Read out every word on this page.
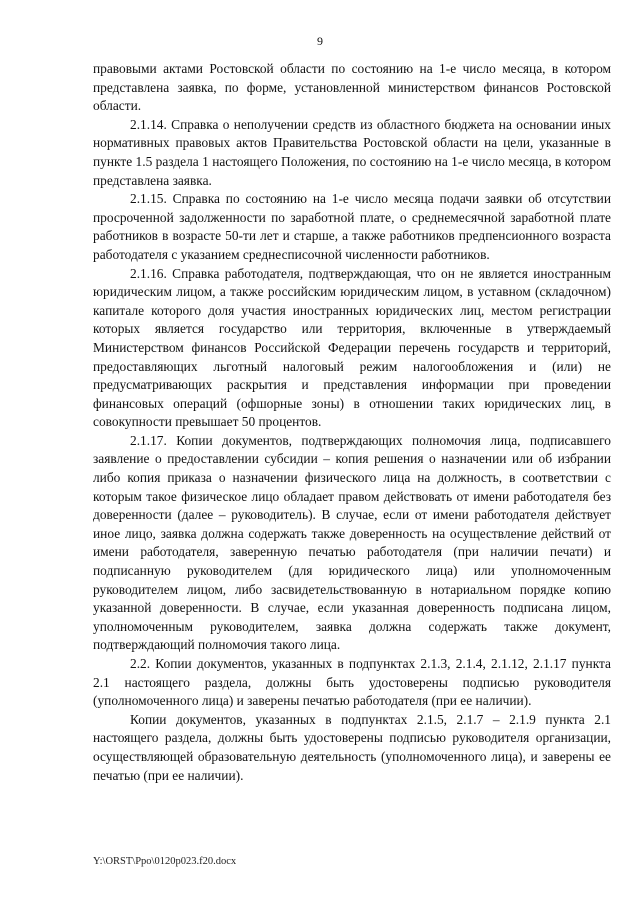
9

правовыми актами Ростовской области по состоянию на 1-е число месяца, в котором представлена заявка, по форме, установленной министерством финансов Ростовской области.

2.1.14. Справка о неполучении средств из областного бюджета на основании иных нормативных правовых актов Правительства Ростовской области на цели, указанные в пункте 1.5 раздела 1 настоящего Положения, по состоянию на 1-е число месяца, в котором представлена заявка.

2.1.15. Справка по состоянию на 1-е число месяца подачи заявки об отсутствии просроченной задолженности по заработной плате, о среднемесячной заработной плате работников в возрасте 50-ти лет и старше, а также работников предпенсионного возраста работодателя с указанием среднесписочной численности работников.

2.1.16. Справка работодателя, подтверждающая, что он не является иностранным юридическим лицом, а также российским юридическим лицом, в уставном (складочном) капитале которого доля участия иностранных юридических лиц, местом регистрации которых является государство или территория, включенные в утверждаемый Министерством финансов Российской Федерации перечень государств и территорий, предоставляющих льготный налоговый режим налогообложения и (или) не предусматривающих раскрытия и представления информации при проведении финансовых операций (офшорные зоны) в отношении таких юридических лиц, в совокупности превышает 50 процентов.

2.1.17. Копии документов, подтверждающих полномочия лица, подписавшего заявление о предоставлении субсидии – копия решения о назначении или об избрании либо копия приказа о назначении физического лица на должность, в соответствии с которым такое физическое лицо обладает правом действовать от имени работодателя без доверенности (далее – руководитель). В случае, если от имени работодателя действует иное лицо, заявка должна содержать также доверенность на осуществление действий от имени работодателя, заверенную печатью работодателя (при наличии печати) и подписанную руководителем (для юридического лица) или уполномоченным руководителем лицом, либо засвидетельствованную в нотариальном порядке копию указанной доверенности. В случае, если указанная доверенность подписана лицом, уполномоченным руководителем, заявка должна содержать также документ, подтверждающий полномочия такого лица.

2.2. Копии документов, указанных в подпунктах 2.1.3, 2.1.4, 2.1.12, 2.1.17 пункта 2.1 настоящего раздела, должны быть удостоверены подписью руководителя (уполномоченного лица) и заверены печатью работодателя (при ее наличии).

Копии документов, указанных в подпунктах 2.1.5, 2.1.7 – 2.1.9 пункта 2.1 настоящего раздела, должны быть удостоверены подписью руководителя организации, осуществляющей образовательную деятельность (уполномоченного лица), и заверены ее печатью (при ее наличии).

Y:\ORST\Ppo\0120p023.f20.docx
